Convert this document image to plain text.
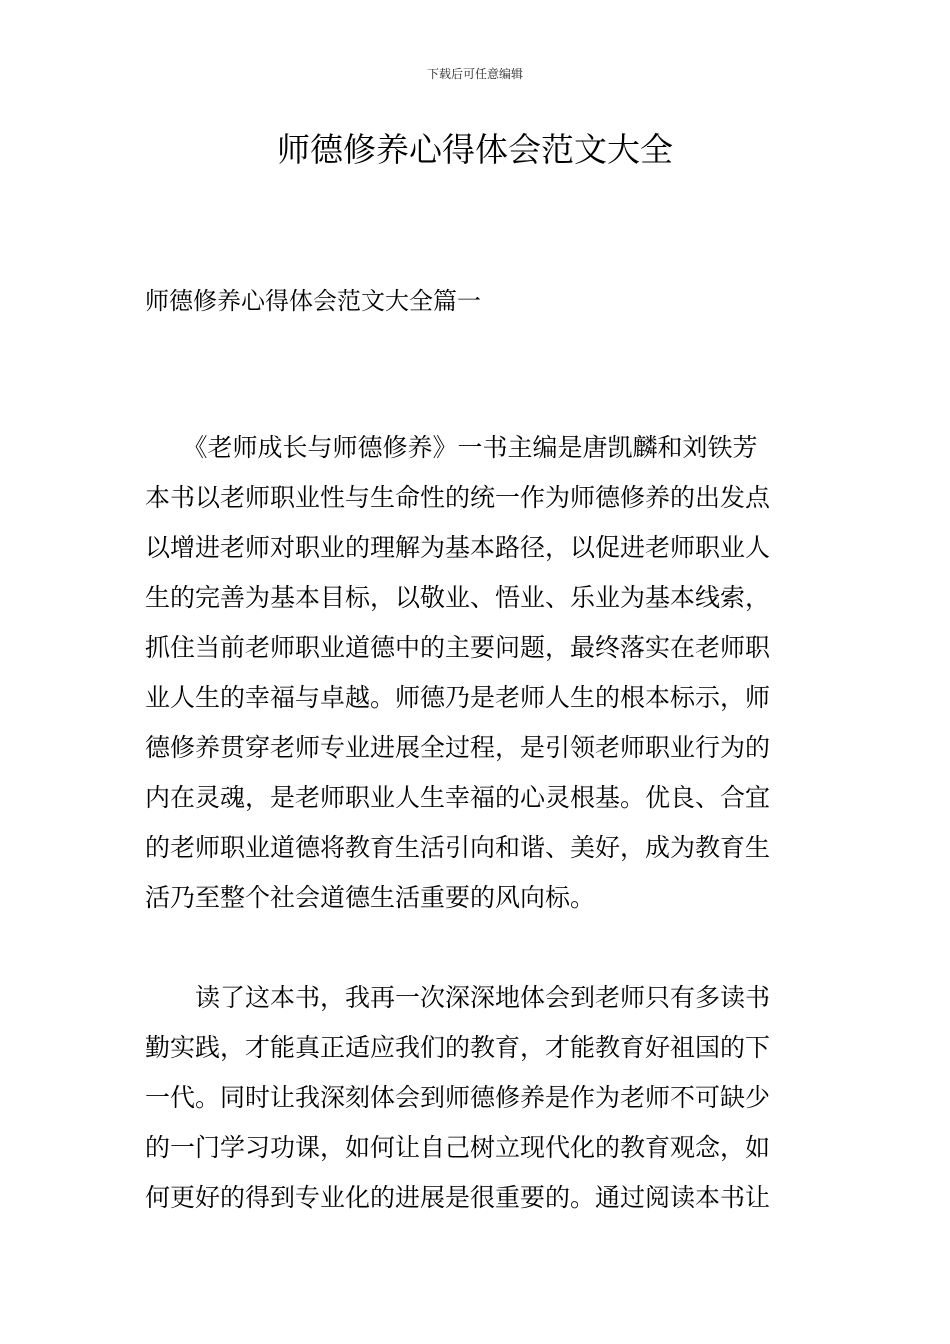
下载后可任意编辑
师德修养心得体会范文大全
师德修养心得体会范文大全篇一

　　《老师成长与师德修养》一书主编是唐凯麟和刘铁芳
本书以老师职业性与生命性的统一作为师德修养的出发点
以增进老师对职业的理解为基本路径，以促进老师职业人
生的完善为基本目标，以敬业、悟业、乐业为基本线索，
抓住当前老师职业道德中的主要问题，最终落实在老师职
业人生的幸福与卓越。师德乃是老师人生的根本标示，师
德修养贯穿老师专业进展全过程，是引领老师职业行为的
内在灵魂，是老师职业人生幸福的心灵根基。优良、合宜
的老师职业道德将教育生活引向和谐、美好，成为教育生
活乃至整个社会道德生活重要的风向标。

　　读了这本书，我再一次深深地体会到老师只有多读书
勤实践，才能真正适应我们的教育，才能教育好祖国的下
一代。同时让我深刻体会到师德修养是作为老师不可缺少
的一门学习功课，如何让自己树立现代化的教育观念，如
何更好的得到专业化的进展是很重要的。通过阅读本书让
